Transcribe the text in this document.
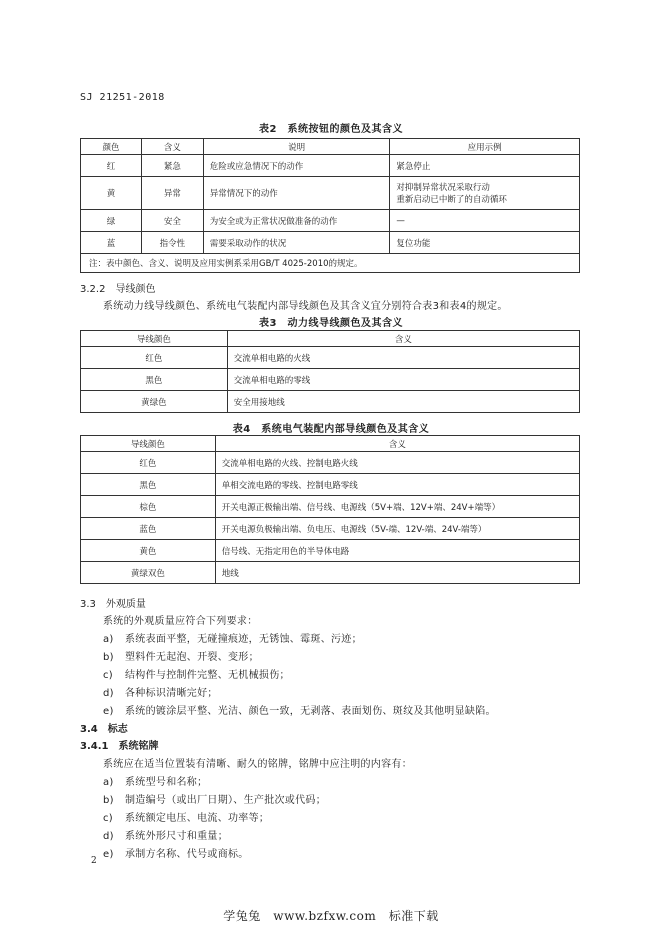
SJ 21251-2018
表2　系统按钮的颜色及其含义
颜色	含义	说明	应用示例
红	紧急	危险或应急情况下的动作	紧急停止

黄	异常	异常情况下的动作	对抑制异常状况采取行动
重新启动已中断了的自动循环

绿	安全	为安全或为正常状况做准备的动作	—

蓝	指令性	需要采取动作的状况	复位功能

注：表中颜色、含义、说明及应用实例系采用GB/T 4025-2010的规定。			
3.2.2　导线颜色
系统动力线导线颜色、系统电气装配内部导线颜色及其含义宜分别符合表3和表4的规定。
表3　动力线导线颜色及其含义
导线颜色	含义
红色	交流单相电路的火线
黑色	交流单相电路的零线
黄绿色	安全用接地线
表4　系统电气装配内部导线颜色及其含义
导线颜色	含义
红色	交流单相电路的火线、控制电路火线
黑色	单相交流电路的零线、控制电路零线
棕色	开关电源正极输出端、信号线、电源线（5V+端、12V+端、24V+端等）
蓝色	开关电源负极输出端、负电压、电源线（5V-端、12V-端、24V-端等）
黄色	信号线、无指定用色的半导体电路
黄绿双色	地线
3.3　外观质量
系统的外观质量应符合下列要求：
a) 系统表面平整，无碰撞痕迹，无锈蚀、霉斑、污迹；
b) 塑料件无起泡、开裂、变形；
c) 结构件与控制件完整、无机械损伤；
d) 各种标识清晰完好；
e) 系统的镀涂层平整、光洁、颜色一致，无剥落、表面划伤、斑纹及其他明显缺陷。
3.4　标志
3.4.1　系统铭牌
系统应在适当位置装有清晰、耐久的铭牌，铭牌中应注明的内容有：
a) 系统型号和名称；
b) 制造编号（或出厂日期）、生产批次或代码；
c) 系统额定电压、电流、功率等；
d) 系统外形尺寸和重量；
e) 承制方名称、代号或商标。
2
学兔兔　www.bzfxw.com　标准下载
